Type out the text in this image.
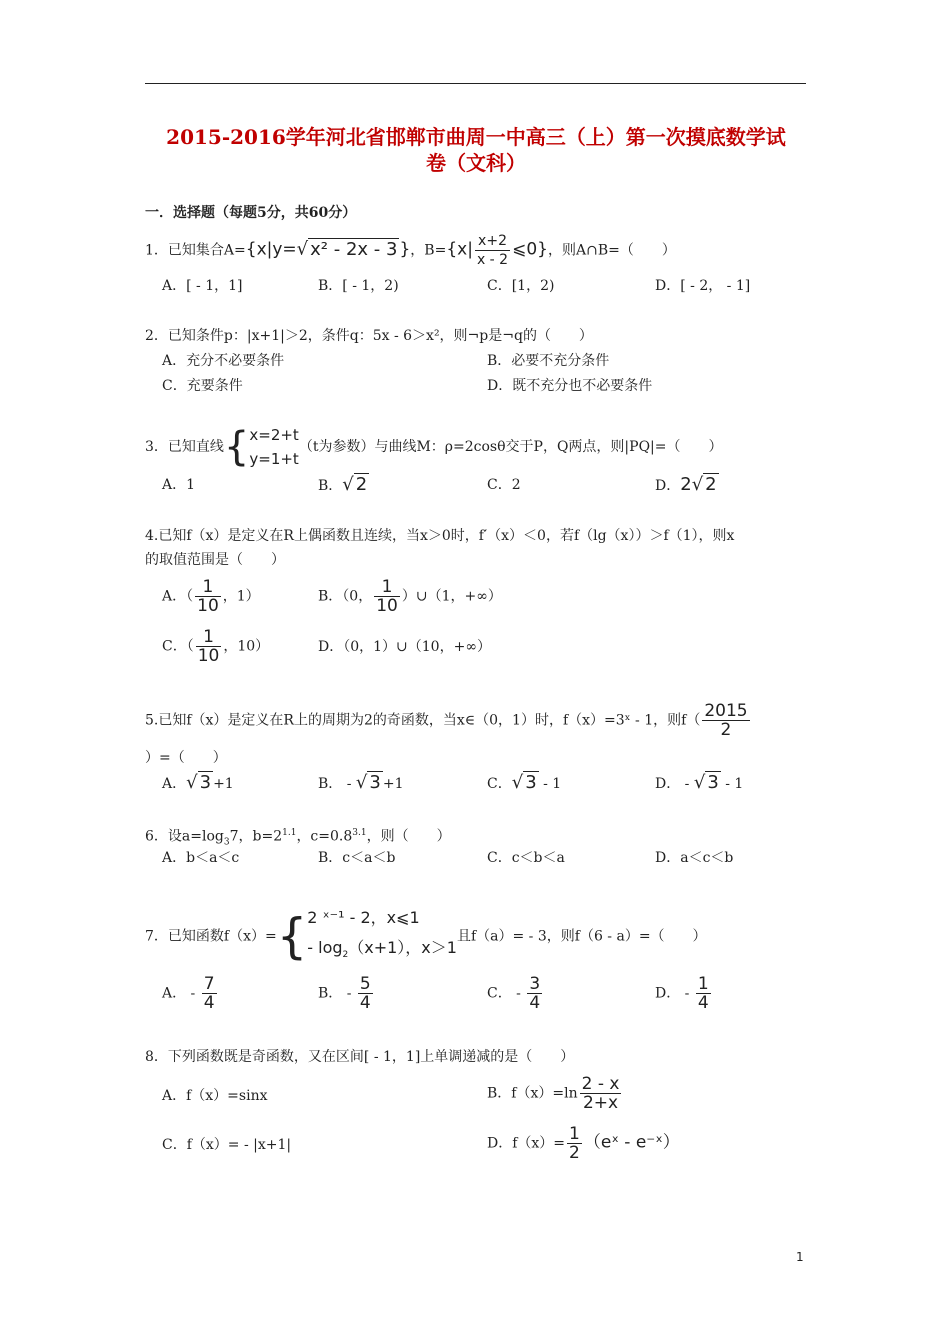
2015-2016学年河北省邯郸市曲周一中高三（上）第一次摸底数学试
卷（文科）
一．选择题（每题5分，共60分）
1．已知集合A={x|y=√ x² - 2x - 3 }，$B=\{x| \frac{x+2}{x - 2}$ ⩽0}，则A∩B=（　　）
A．[ - 1，1]	B．[ - 1，2)	C．[1，2)	D．[ - 2， - 1]
2．已知条件p：|x+1|＞2，条件q：5x - 6＞x²，则¬p是¬q的（　　）
A．充分不必要条件	B．必要不充分条件
C．充要条件	D．既不充分也不必要条件
3．已知直线{ x=2+t
y=1+t
（t为参数）与曲线M：ρ=2cosθ交于P，Q两点，则|PQ|=（　　）
A．1	B．√ 2	C．2	D．2√ 2
4.已知f（x）是定义在R上偶函数且连续，当x＞0时，f′（x）＜0，若f（lg（x））＞f（1），则x
的取值范围是（　　）
A．（ $\frac{1}{10}$ ，1）	B．（0， $\frac{1}{10}$ ）∪（1，+∞）
C．（ $\frac{1}{10}$ ，10）	D．（0，1）∪（10，+∞）
5.已知f（x）是定义在R上的周期为2的奇函数，当x∈（0，1）时，f（x）=3ˣ - 1，则$f( \frac{2015}{2}$
）=（　　）
A．√ 3 +1	B． - √ 3 +1	C．√ 3 - 1	D． - √ 3 - 1
6．设$a=\log_37$，$b=2^{1.1}$，$c=0.8^{3.1}$，则（　　）
A．b＜a＜c	B．c＜a＜b	C．c＜b＜a	D．a＜c＜b
7．已知函数f（x）={ 2 ˣ⁻¹ - 2，x⩽1
- $\log_2(x+1)$，x＞1
且f（a）= - 3，则f（6 - a）=（　　）
A． - $\frac{7}{4}$	B． - $\frac{5}{4}$	C． - $\frac{3}{4}$	D． - $\frac{1}{4}$
8．下列函数既是奇函数，又在区间[ - 1，1]上单调递减的是（　　）
A．f（x）=sinx	B．$f(x)=\ln \frac{2 - x}{2+x}$
C．f（x）= - |x+1|	D．$f(x)= \frac{1}{2}$ （eˣ - e⁻ˣ）
1
